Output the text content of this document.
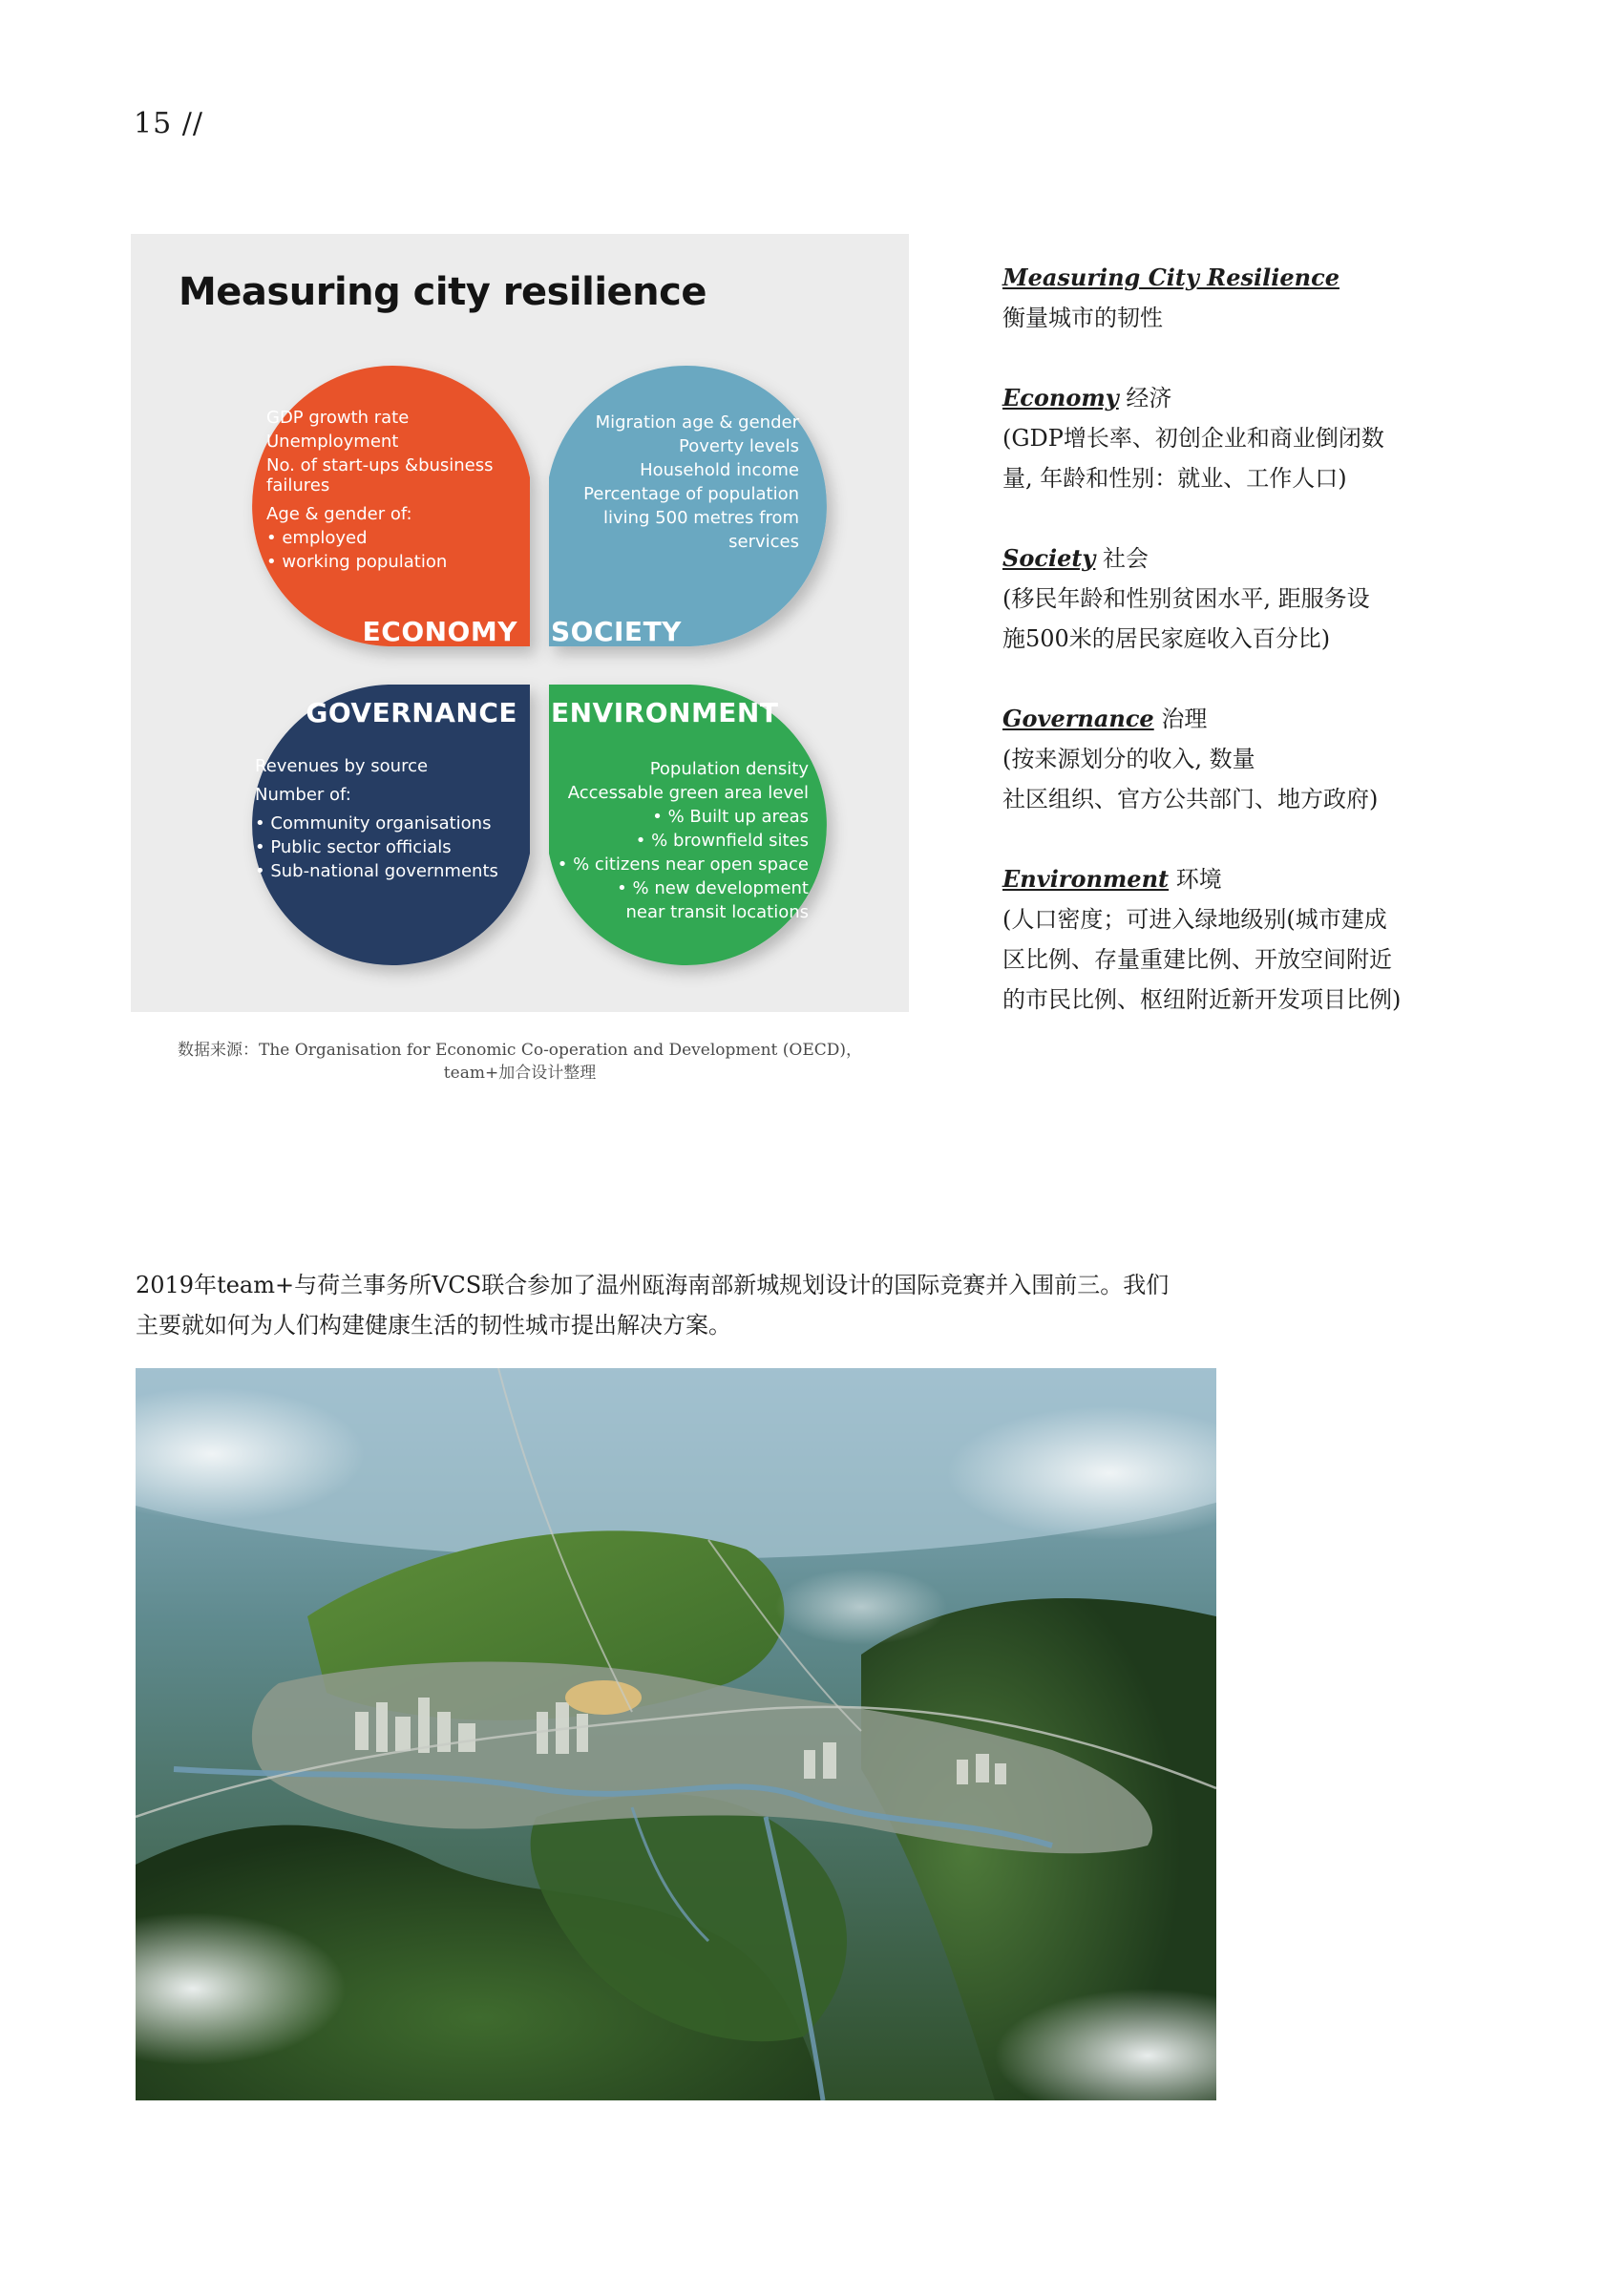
15 //
Measuring city resilience
GDP growth rate
Unemployment
No. of start-ups &business
failures
Age & gender of:
• employed
• working population
ECONOMY
Migration age & gender
Poverty levels
Household income
Percentage of population
living 500 metres from
services
SOCIETY
GOVERNANCE
Revenues by source
Number of:
• Community organisations
• Public sector officials
• Sub-national governments
ENVIRONMENT
Population density
Accessable green area level
• % Built up areas
• % brownfield sites
• % citizens near open space
• % new development
near transit locations
数据来源：The Organisation for Economic Co-operation and Development (OECD)，
team+加合设计整理
Measuring City Resilience
衡量城市的韧性
Economy 经济
(GDP增长率、初创企业和商业倒闭数
量, 年龄和性别：就业、工作人口)
Society 社会
(移民年龄和性别贫困水平, 距服务设
施500米的居民家庭收入百分比)
Governance 治理
(按来源划分的收入, 数量
社区组织、官方公共部门、地方政府)
Environment 环境
(人口密度；可进入绿地级别(城市建成
区比例、存量重建比例、开放空间附近
的市民比例、枢纽附近新开发项目比例)
2019年team+与荷兰事务所VCS联合参加了温州瓯海南部新城规划设计的国际竞赛并入围前三。我们
主要就如何为人们构建健康生活的韧性城市提出解决方案。
